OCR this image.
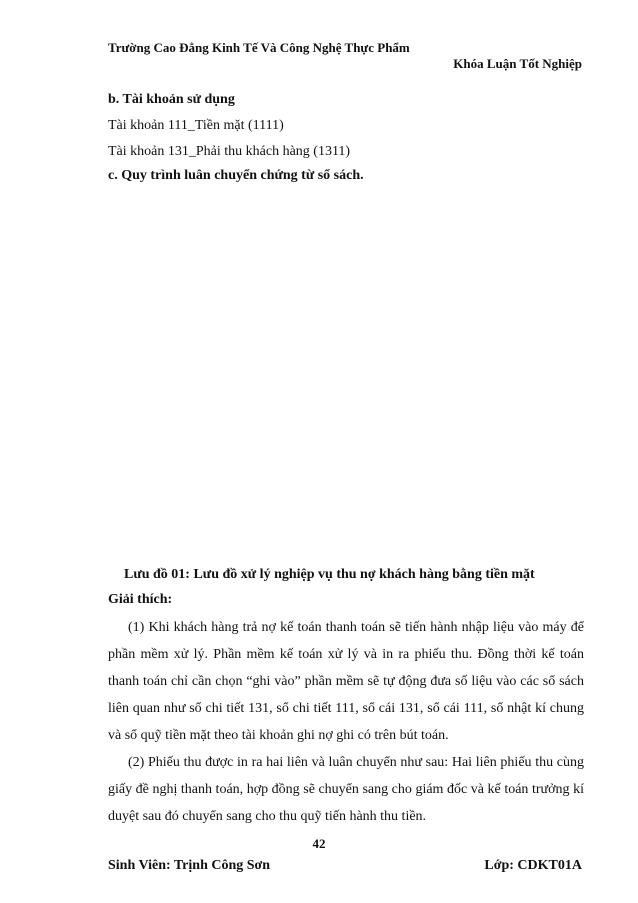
Trường Cao Đẳng Kinh Tế Và Công Nghệ Thực Phẩm
Khóa Luận Tốt Nghiệp
b. Tài khoản sử dụng
Tài khoản 111_Tiền mặt (1111)
Tài khoản 131_Phải thu khách hàng (1311)
c. Quy trình luân chuyển chứng từ sổ sách.
Lưu đồ 01: Lưu đồ xử lý nghiệp vụ thu nợ khách hàng bằng tiền mặt
Giải thích:

(1) Khi khách hàng trả nợ kế toán thanh toán sẽ tiến hành nhập liệu vào máy để phần mềm xử lý. Phần mềm kế toán xử lý và in ra phiếu thu. Đồng thời kế toán thanh toán chỉ cần chọn “ghi vào” phần mềm sẽ tự động đưa số liệu vào các sổ sách liên quan như sổ chi tiết 131, sổ chi tiết 111, sổ cái 131, sổ cái 111, sổ nhật kí chung và sổ quỹ tiền mặt theo tài khoản ghi nợ ghi có trên bút toán.

(2) Phiếu thu được in ra hai liên và luân chuyển như sau: Hai liên phiếu thu cùng giấy đề nghị thanh toán, hợp đồng sẽ chuyển sang cho giám đốc và kế toán trưởng kí duyệt sau đó chuyển sang cho thu quỹ tiến hành thu tiền.

42
Sinh Viên: Trịnh Công Sơn	Lớp: CDKT01A
